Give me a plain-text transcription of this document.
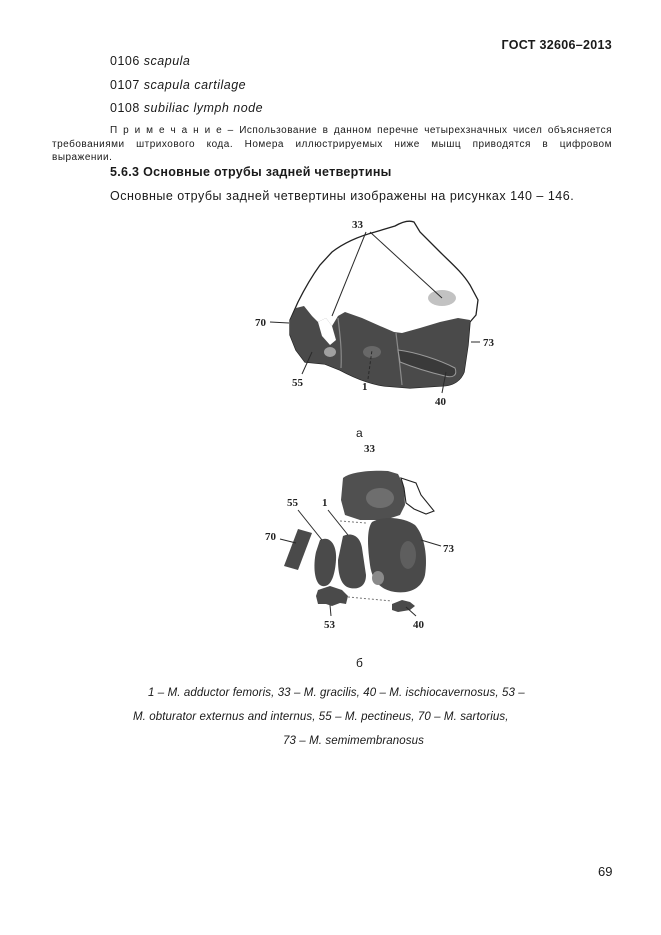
ГОСТ 32606–2013
0106 scapula
0107 scapula cartilage
0108 subiliac lymph node
П р и м е ч а н и е – Использование в данном перечне четырехзначных чисел объясняется
требованиями штрихового кода. Номера иллюстрируемых ниже мышц приводятся в цифровом
выражении.
5.6.3 Основные отрубы задней четвертины
Основные отрубы задней четвертины изображены на рисунках 140 – 146.
33
70
73
55	1
40
а
33
55 1
70
73
53	40
б
1 – M. adductor femoris, 33 – M. gracilis, 40 – M. ischiocavernosus, 53 –
M. obturator externus and internus, 55 – M. pectineus, 70 – M. sartorius,
73 – M. semimembranosus
69
